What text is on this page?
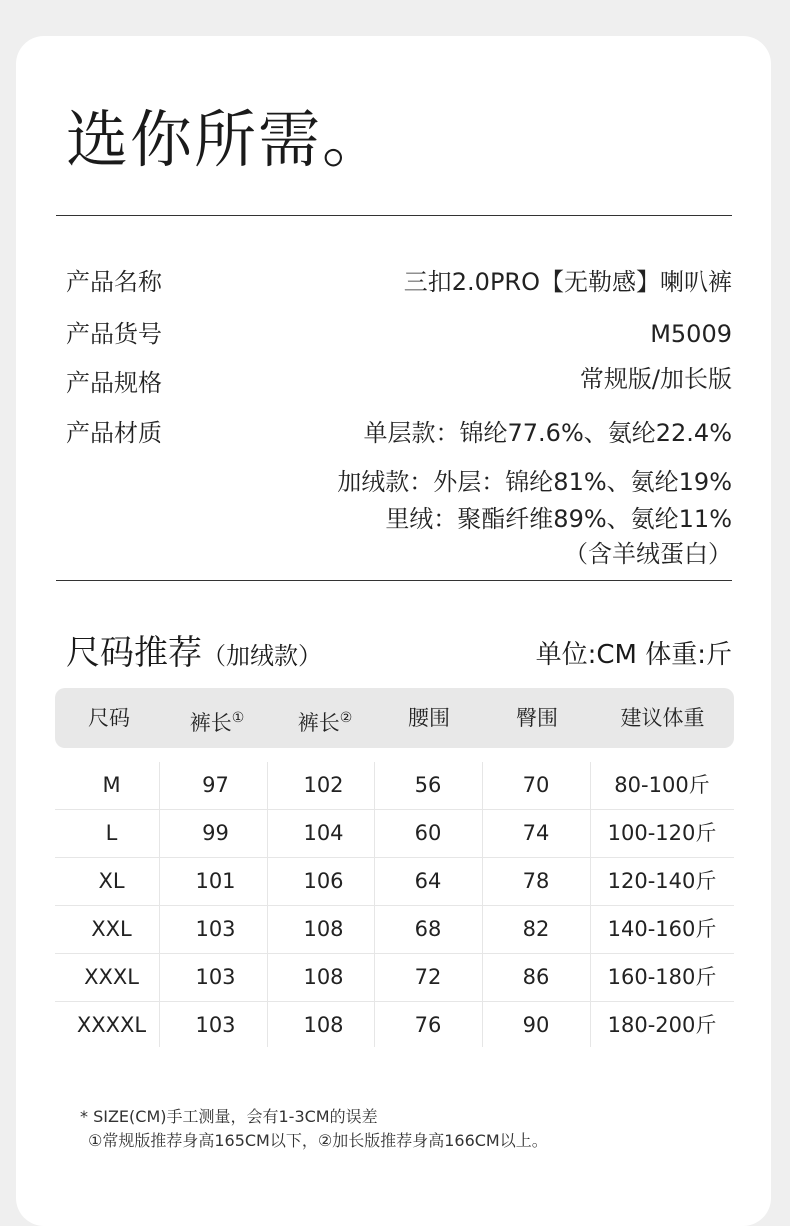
选你所需。
产品名称	三扣2.0PRO【无勒感】喇叭裤
产品货号	M5009
产品规格	常规版/加长版
产品材质	单层款：锦纶77.6%、氨纶22.4%
加绒款：外层：锦纶81%、氨纶19%
里绒：聚酯纤维89%、氨纶11%
（含羊绒蛋白）
尺码推荐（加绒款）	单位:CM 体重:斤
尺码	裤长①	裤长②	腰围	臀围	建议体重
M	97	102	56	70	80-100斤
L	99	104	60	74	100-120斤
XL	101	106	64	78	120-140斤
XXL	103	108	68	82	140-160斤
XXXL	103	108	72	86	160-180斤
XXXXL	103	108	76	90	180-200斤
* SIZE(CM)手工测量，会有1-3CM的误差
①常规版推荐身高165CM以下，②加长版推荐身高166CM以上。
